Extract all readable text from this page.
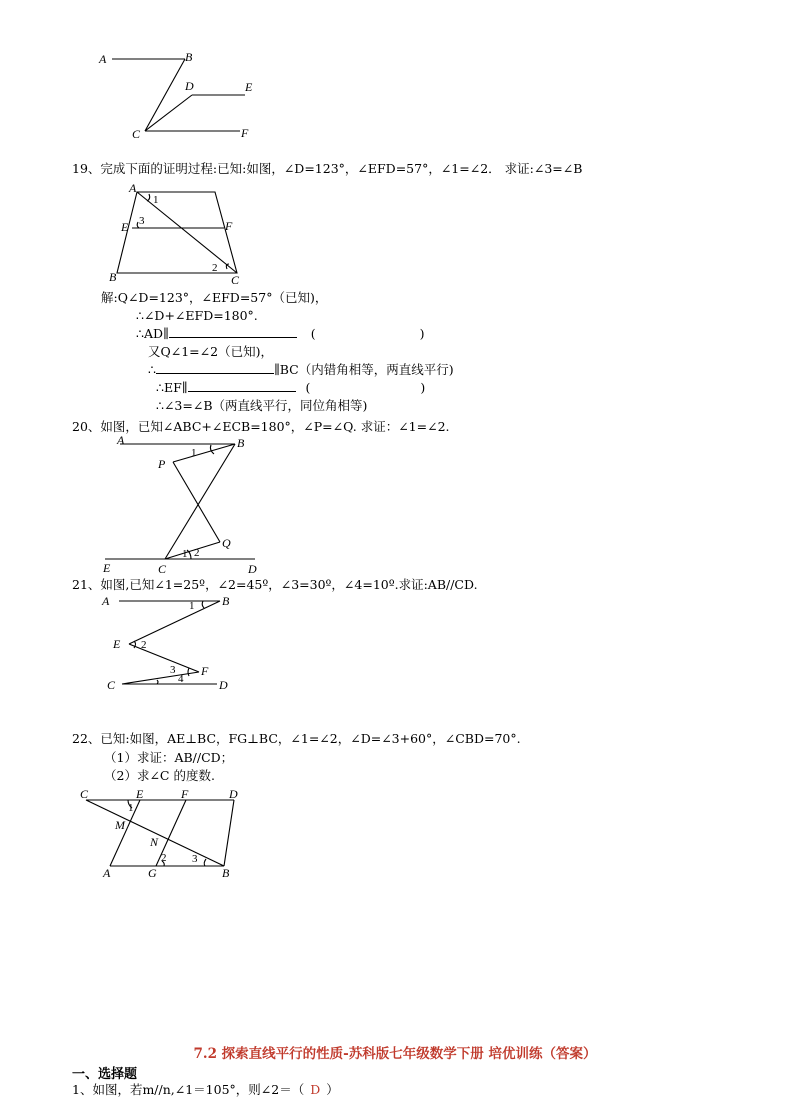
A	B
D	E
C	F
19、完成下面的证明过程:已知:如图，∠D=123°，∠EFD=57°，∠1=∠2． 求证:∠3=∠B
A
1
E 3	F
B
2
C
解:Q∠D=123°，∠EFD=57°（已知)，
∴∠D+∠EFD=180°.
∴AD∥	(	)
又Q∠1=∠2（已知)，
∴	∥BC（内错角相等，两直线平行)
∴EF∥	(	)
∴∠3=∠B（两直线平行，同位角相等)
20、如图，已知∠ABC+∠ECB=180°，∠P=∠Q. 求证：∠1=∠2.
A
1
B
P
Q
E
1 2
C	D
21、如图,已知∠1=25º，∠2=45º，∠3=30º，∠4=10º.求证:AB//CD.
A	1 B
E 2
3 F
4
C	D
22、已知:如图，AE⊥BC，FG⊥BC，∠1=∠2，∠D=∠3+60°，∠CBD=70°.
（1）求证：AB//CD；
（2）求∠C 的度数.
C	E	F	D
1
M
N
2 3
A	G	B
7.2 探索直线平行的性质-苏科版七年级数学下册 培优训练（答案）
一、选择题
1、如图，若m//n,∠1＝105°，则∠2＝（ D ）
